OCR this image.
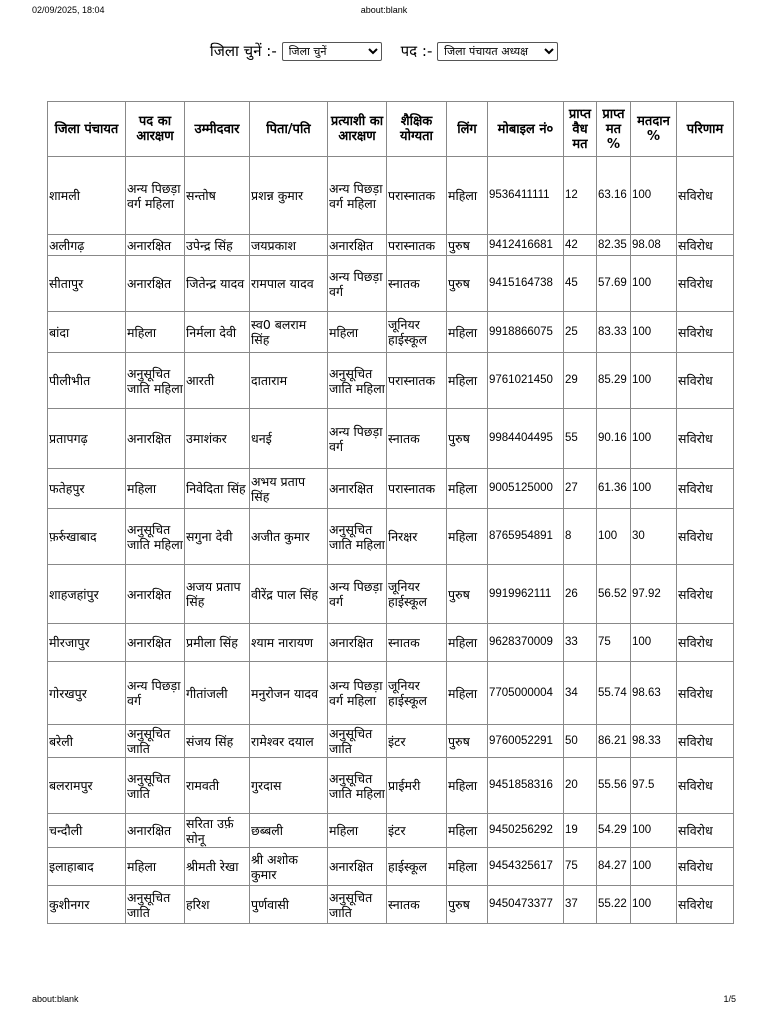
02/09/2025, 18:04	about:blank
जिला चुनें :-
जिला चुनें	पद :-
जिला पंचायत अध्यक्ष
जिला पंचायत	पद का आरक्षण	उम्मीदवार	पिता/पति	प्रत्याशी का आरक्षण	शैक्षिक योग्यता	लिंग	मोबाइल नं०	प्राप्त वैध मत	प्राप्त मत %	मतदान %	परिणाम
शामली	अन्य पिछड़ा वर्ग महिला	सन्तोष	प्रशन्न कुमार	अन्य पिछड़ा वर्ग महिला	परास्नातक	महिला	9536411111	12	63.16	100	सविरोध
अलीगढ़	अनारक्षित	उपेन्द्र सिंह	जयप्रकाश	अनारक्षित	परास्नातक	पुरुष	9412416681	42	82.35	98.08	सविरोध
सीतापुर	अनारक्षित	जितेन्द्र यादव	रामपाल यादव	अन्य पिछड़ा वर्ग	स्नातक	पुरुष	9415164738	45	57.69	100	सविरोध
बांदा	महिला	निर्मला देवी	स्व0 बलराम सिंह	महिला	जूनियर हाईस्कूल	महिला	9918866075	25	83.33	100	सविरोध
पीलीभीत	अनुसूचित जाति महिला	आरती	दाताराम	अनुसूचित जाति महिला	परास्नातक	महिला	9761021450	29	85.29	100	सविरोध
प्रतापगढ़	अनारक्षित	उमाशंकर	धनई	अन्य पिछड़ा वर्ग	स्नातक	पुरुष	9984404495	55	90.16	100	सविरोध
फतेहपुर	महिला	निवेदिता सिंह	अभय प्रताप सिंह	अनारक्षित	परास्नातक	महिला	9005125000	27	61.36	100	सविरोध
फ़र्रुखाबाद	अनुसूचित जाति महिला	सगुना देवी	अजीत कुमार	अनुसूचित जाति महिला	निरक्षर	महिला	8765954891	8	100	30	सविरोध
शाहजहांपुर	अनारक्षित	अजय प्रताप सिंह	वीरेंद्र पाल सिंह	अन्य पिछड़ा वर्ग	जूनियर हाईस्कूल	पुरुष	9919962111	26	56.52	97.92	सविरोध
मीरजापुर	अनारक्षित	प्रमीला सिंह	श्याम नारायण	अनारक्षित	स्नातक	महिला	9628370009	33	75	100	सविरोध
गोरखपुर	अन्य पिछड़ा वर्ग	गीतांजली	मनुरोजन यादव	अन्य पिछड़ा वर्ग महिला	जूनियर हाईस्कूल	महिला	7705000004	34	55.74	98.63	सविरोध
बरेली	अनुसूचित जाति	संजय सिंह	रामेश्वर दयाल	अनुसूचित जाति	इंटर	पुरुष	9760052291	50	86.21	98.33	सविरोध
बलरामपुर	अनुसूचित जाति	रामवती	गुरदास	अनुसूचित जाति महिला	प्राईमरी	महिला	9451858316	20	55.56	97.5	सविरोध
चन्दौली	अनारक्षित	सरिता उर्फ़ सोनू	छब्बली	महिला	इंटर	महिला	9450256292	19	54.29	100	सविरोध
इलाहाबाद	महिला	श्रीमती रेखा	श्री अशोक कुमार	अनारक्षित	हाईस्कूल	महिला	9454325617	75	84.27	100	सविरोध
कुशीनगर	अनुसूचित जाति	हरिश	पुर्णवासी	अनुसूचित जाति	स्नातक	पुरुष	9450473377	37	55.22	100	सविरोध
about:blank	1/5
